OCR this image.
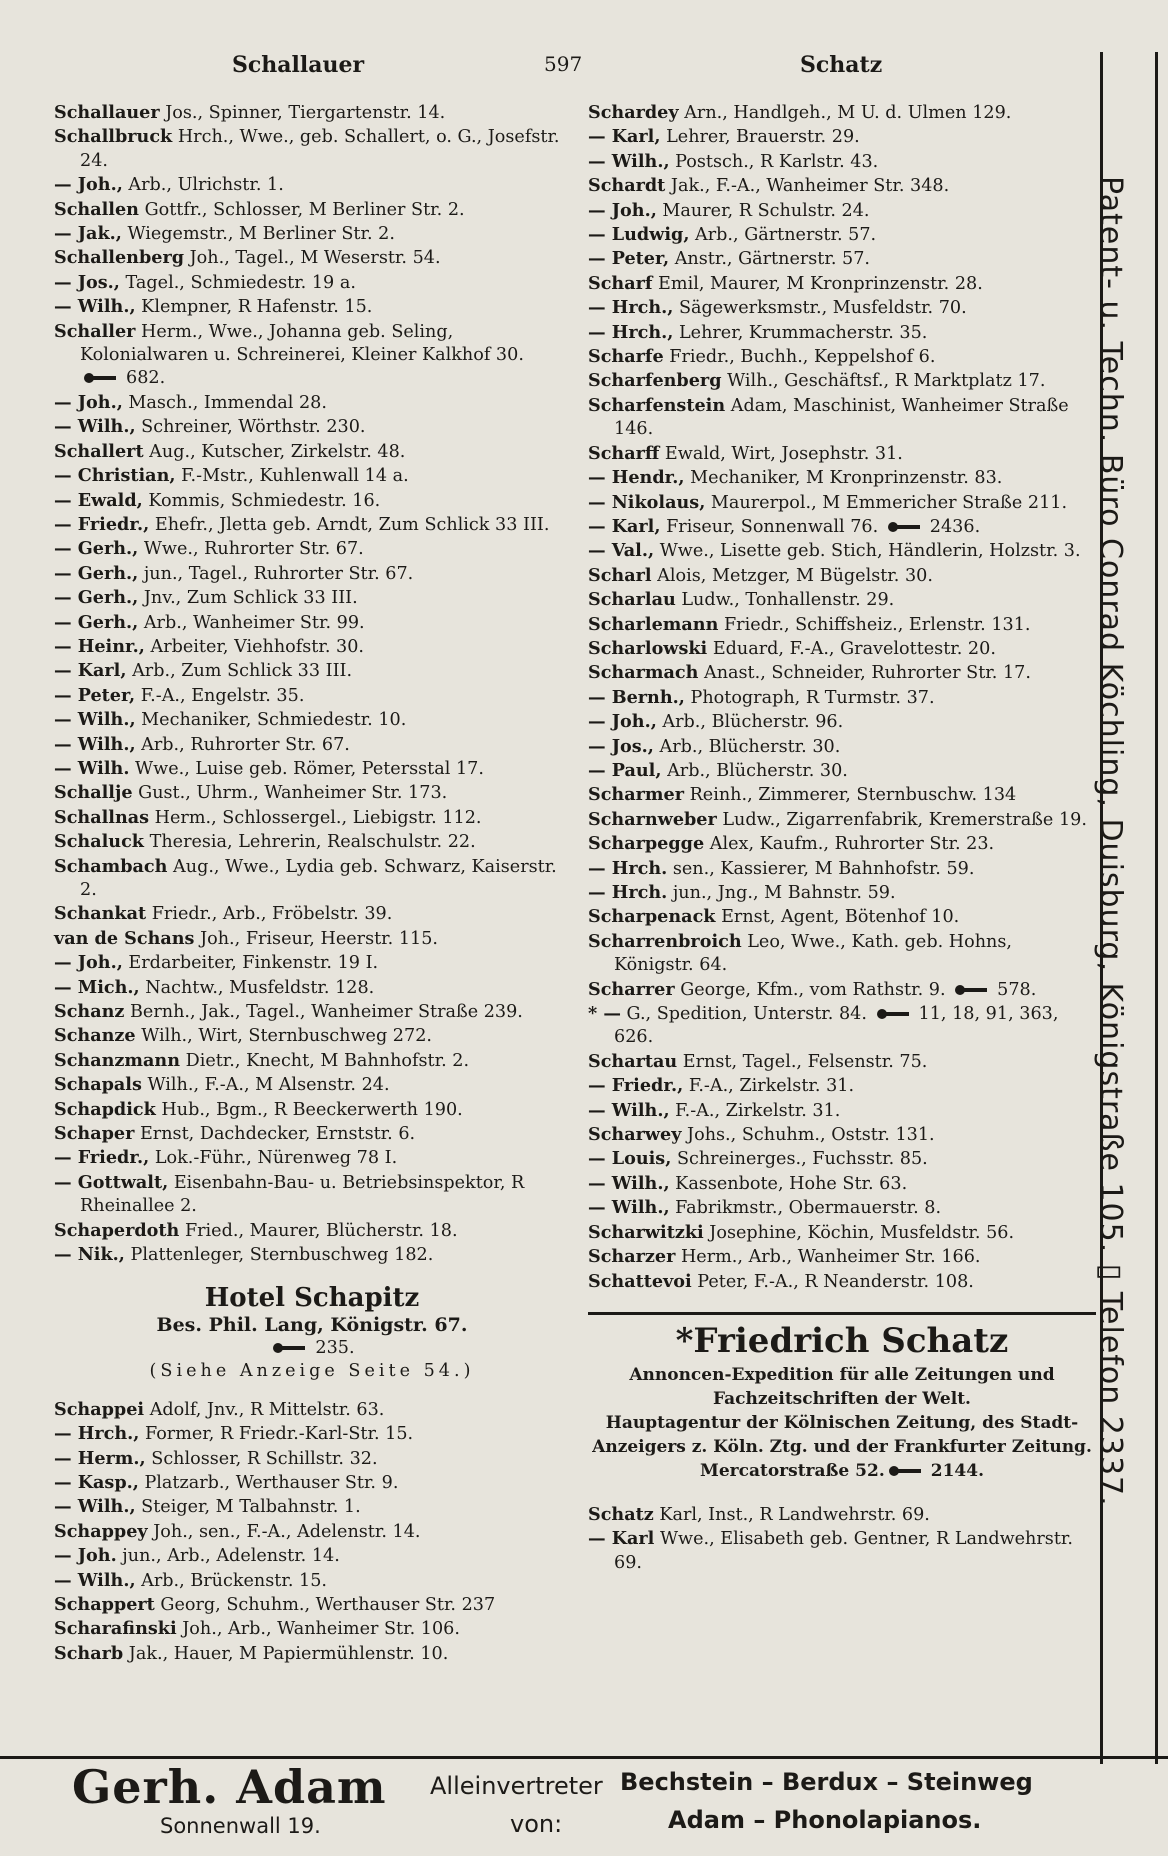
Schallauer	597	Schatz
Schallauer Jos., Spinner, Tiergartenstr. 14.
Schallbruck Hrch., Wwe., geb. Schallert, o. G., Josefstr. 24.
— Joh., Arb., Ulrichstr. 1.
Schallen Gottfr., Schlosser, M Berliner Str. 2.
— Jak., Wiegemstr., M Berliner Str. 2.
Schallenberg Joh., Tagel., M Weserstr. 54.
— Jos., Tagel., Schmiedestr. 19 a.
— Wilh., Klempner, R Hafenstr. 15.
Schaller Herm., Wwe., Johanna geb. Seling, Kolonialwaren u. Schreinerei, Kleiner Kalkhof 30. 682.
— Joh., Masch., Immendal 28.
— Wilh., Schreiner, Wörthstr. 230.
Schallert Aug., Kutscher, Zirkelstr. 48.
— Christian, F.-Mstr., Kuhlenwall 14 a.
— Ewald, Kommis, Schmiedestr. 16.
— Friedr., Ehefr., Jletta geb. Arndt, Zum Schlick 33 III.
— Gerh., Wwe., Ruhrorter Str. 67.
— Gerh., jun., Tagel., Ruhrorter Str. 67.
— Gerh., Jnv., Zum Schlick 33 III.
— Gerh., Arb., Wanheimer Str. 99.
— Heinr., Arbeiter, Viehhofstr. 30.
— Karl, Arb., Zum Schlick 33 III.
— Peter, F.-A., Engelstr. 35.
— Wilh., Mechaniker, Schmiedestr. 10.
— Wilh., Arb., Ruhrorter Str. 67.
— Wilh. Wwe., Luise geb. Römer, Petersstal 17.
Schallje Gust., Uhrm., Wanheimer Str. 173.
Schallnas Herm., Schlossergel., Liebigstr. 112.
Schaluck Theresia, Lehrerin, Realschulstr. 22.
Schambach Aug., Wwe., Lydia geb. Schwarz, Kaiserstr. 2.
Schankat Friedr., Arb., Fröbelstr. 39.
van de Schans Joh., Friseur, Heerstr. 115.
— Joh., Erdarbeiter, Finkenstr. 19 I.
— Mich., Nachtw., Musfeldstr. 128.
Schanz Bernh., Jak., Tagel., Wanheimer Straße 239.
Schanze Wilh., Wirt, Sternbuschweg 272.
Schanzmann Dietr., Knecht, M Bahnhofstr. 2.
Schapals Wilh., F.-A., M Alsenstr. 24.
Schapdick Hub., Bgm., R Beeckerwerth 190.
Schaper Ernst, Dachdecker, Ernststr. 6.
— Friedr., Lok.-Führ., Nürenweg 78 I.
— Gottwalt, Eisenbahn-Bau- u. Betriebsinspektor, R Rheinallee 2.
Schaperdoth Fried., Maurer, Blücherstr. 18.
— Nik., Plattenleger, Sternbuschweg 182.
Hotel Schapitz
Bes. Phil. Lang, Königstr. 67.
235.
(Siehe Anzeige Seite 54.)
Schappei Adolf, Jnv., R Mittelstr. 63.
— Hrch., Former, R Friedr.-Karl-Str. 15.
— Herm., Schlosser, R Schillstr. 32.
— Kasp., Platzarb., Werthauser Str. 9.
— Wilh., Steiger, M Talbahnstr. 1.
Schappey Joh., sen., F.-A., Adelenstr. 14.
— Joh. jun., Arb., Adelenstr. 14.
— Wilh., Arb., Brückenstr. 15.
Schappert Georg, Schuhm., Werthauser Str. 237
Scharafinski Joh., Arb., Wanheimer Str. 106.
Scharb Jak., Hauer, M Papiermühlenstr. 10.
Schardey Arn., Handlgeh., M U. d. Ulmen 129.
— Karl, Lehrer, Brauerstr. 29.
— Wilh., Postsch., R Karlstr. 43.
Schardt Jak., F.-A., Wanheimer Str. 348.
— Joh., Maurer, R Schulstr. 24.
— Ludwig, Arb., Gärtnerstr. 57.
— Peter, Anstr., Gärtnerstr. 57.
Scharf Emil, Maurer, M Kronprinzenstr. 28.
— Hrch., Sägewerksmstr., Musfeldstr. 70.
— Hrch., Lehrer, Krummacherstr. 35.
Scharfe Friedr., Buchh., Keppelshof 6.
Scharfenberg Wilh., Geschäftsf., R Marktplatz 17.
Scharfenstein Adam, Maschinist, Wanheimer Straße 146.
Scharff Ewald, Wirt, Josephstr. 31.
— Hendr., Mechaniker, M Kronprinzenstr. 83.
— Nikolaus, Maurerpol., M Emmericher Straße 211.
— Karl, Friseur, Sonnenwall 76.	2436.
— Val., Wwe., Lisette geb. Stich, Händlerin, Holzstr. 3.
Scharl Alois, Metzger, M Bügelstr. 30.
Scharlau Ludw., Tonhallenstr. 29.
Scharlemann Friedr., Schiffsheiz., Erlenstr. 131.
Scharlowski Eduard, F.-A., Gravelottestr. 20.
Scharmach Anast., Schneider, Ruhrorter Str. 17.
— Bernh., Photograph, R Turmstr. 37.
— Joh., Arb., Blücherstr. 96.
— Jos., Arb., Blücherstr. 30.
— Paul, Arb., Blücherstr. 30.
Scharmer Reinh., Zimmerer, Sternbuschw. 134
Scharnweber Ludw., Zigarrenfabrik, Kremerstraße 19.
Scharpegge Alex, Kaufm., Ruhrorter Str. 23.
— Hrch. sen., Kassierer, M Bahnhofstr. 59.
— Hrch. jun., Jng., M Bahnstr. 59.
Scharpenack Ernst, Agent, Bötenhof 10.
Scharrenbroich Leo, Wwe., Kath. geb. Hohns, Königstr. 64.
Scharrer George, Kfm., vom Rathstr. 9.	578.
* — G., Spedition, Unterstr. 84.	11, 18, 91, 363, 626.
Schartau Ernst, Tagel., Felsenstr. 75.
— Friedr., F.-A., Zirkelstr. 31.
— Wilh., F.-A., Zirkelstr. 31.
Scharwey Johs., Schuhm., Oststr. 131.
— Louis, Schreinerges., Fuchsstr. 85.
— Wilh., Kassenbote, Hohe Str. 63.
— Wilh., Fabrikmstr., Obermauerstr. 8.
Scharwitzki Josephine, Köchin, Musfeldstr. 56.
Scharzer Herm., Arb., Wanheimer Str. 166.
Schattevoi Peter, F.-A., R Neanderstr. 108.
*Friedrich Schatz
Annoncen-Expedition für alle Zeitungen und Fachzeitschriften der Welt.
Hauptagentur der Kölnischen Zeitung, des Stadt-Anzeigers z. Köln. Ztg. und der Frankfurter Zeitung.
Mercatorstraße 52.	2144.
Schatz Karl, Inst., R Landwehrstr. 69.
— Karl Wwe., Elisabeth geb. Gentner, R Landwehrstr. 69.
Patent- u. Techn. Büro Conrad Köchling, Duisburg, Königstraße 105. ▯ Telefon 2337.
Gerh. Adam
Sonnenwall 19.
Alleinvertreter
von:
Bechstein – Berdux – Steinweg
Adam – Phonolapianos.
